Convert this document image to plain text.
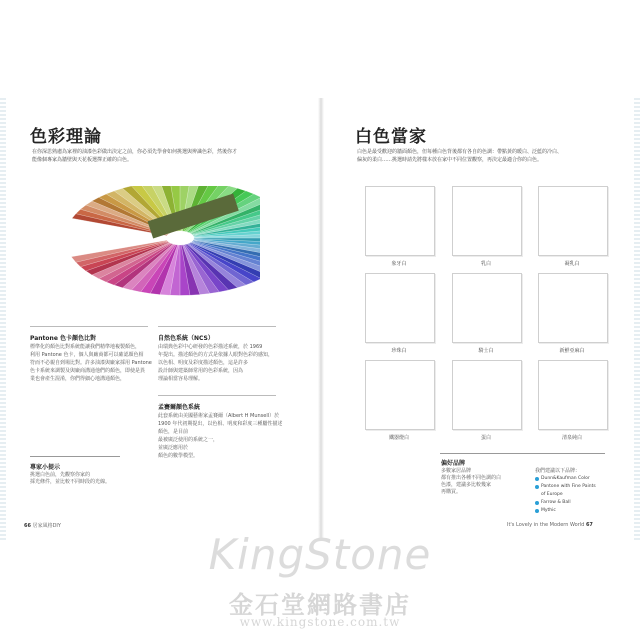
色彩理論
在你深思熟慮為家裡的油漆色彩做出決定之前，你必須先學會如何挑選與辨識色彩，然後你才
能像個專家為牆壁與天花板選擇正確的白色。
Pantone 色卡顏色比對
標準化的顏色比對系統能讓我們精準地複製顏色，
利用 Pantone 色卡，個人與廠商都可以確認顏色相
符而不必親自到場比對。許多油漆與廠家採用 Pantone
色卡系統來調製及與廠商溝通他們的顏色，即使是異
業也會產生混淆，你們得細心地溝通顏色，
自然色系統（NCS）
由瑞典色彩中心研發的色彩描述系統，於 1969
年提出。描述顏色的方式是依據人眼對色彩的感知，
以色相、明度及彩度描述顏色，這是許多
設計師與建築師常用的色彩系統，因為
理論相當容易理解。
孟賽爾顏色系統
此套系統由美國藝術家孟賽爾（Albert H Munsell）於
1900 年代初期提出，以色相、明度和彩度三種屬性描述顏色，是目前
最被廣泛使用的系統之一，
並廣泛應用於
顏色的數學模型。
專家小提示
挑選白色前，先觀察你家的
採光條件，並比較不同時段的光線。
66 居家風格DIY
白色當家
白色是最受歡迎的牆面顏色，但每種白色背後都有各自的色調：帶點黃的暖白、泛藍的冷白、
偏灰的柔白……挑選時請先將樣本放在家中不同位置觀察，再決定最適合你的白色。
象牙白	乳白	凝乳白
珍珠白	騎士白	新鮮亞麻白
鐵器燈白	蛋白	清泉純白
偏好品牌
多數家居品牌
都有推出各種不同色調的白
色漆，建議多比較幾家
再購買。
我們建議以下品牌：
Dunn&Kaufman Color
Pantone with Fine Paints
of Europe
Farrow & Ball
Mythic
It's Lovely in the Modern World 67
KingStone
金石堂網路書店
www.kingstone.com.tw
